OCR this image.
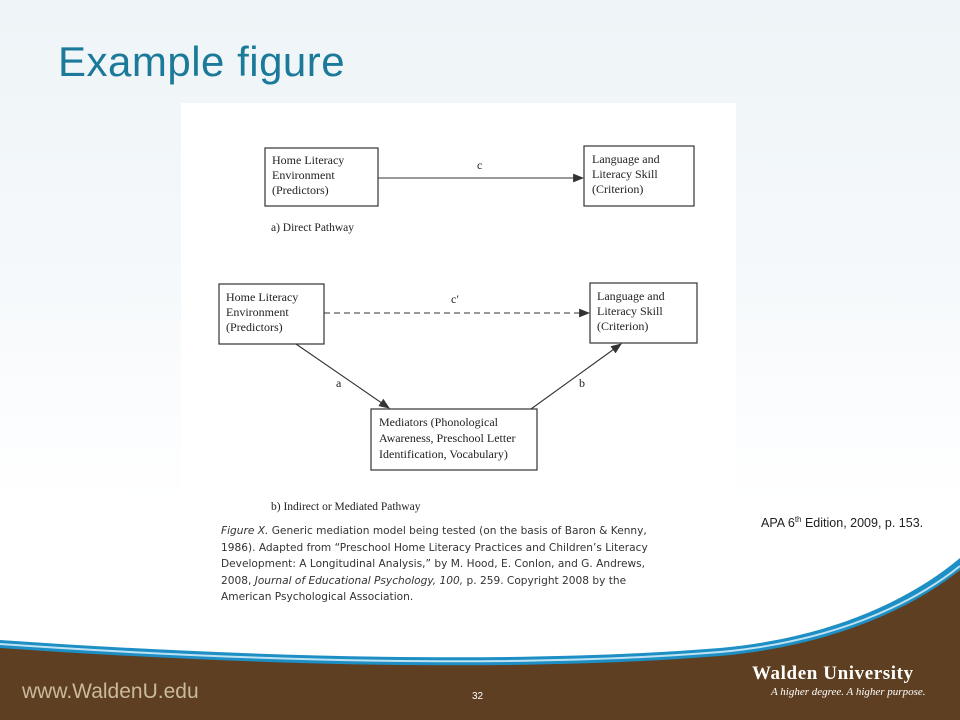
Example figure
Home Literacy
Environment
(Predictors)
Language and
Literacy Skill
(Criterion)
c
a) Direct Pathway
Home Literacy
Environment
(Predictors)
Language and
Literacy Skill
(Criterion)
c′
Mediators (Phonological
Awareness, Preschool Letter
Identification, Vocabulary)
a	b
b) Indirect or Mediated Pathway
Figure X. Generic mediation model being tested (on the basis of Baron & Kenny,
1986). Adapted from “Preschool Home Literacy Practices and Children’s Literacy
Development: A Longitudinal Analysis,” by M. Hood, E. Conlon, and G. Andrews,
2008, Journal of Educational Psychology, 100, p. 259. Copyright 2008 by the
American Psychological Association.
APA 6th Edition, 2009, p. 153.
www.WaldenU.edu	32
Walden University
A higher degree. A higher purpose.
